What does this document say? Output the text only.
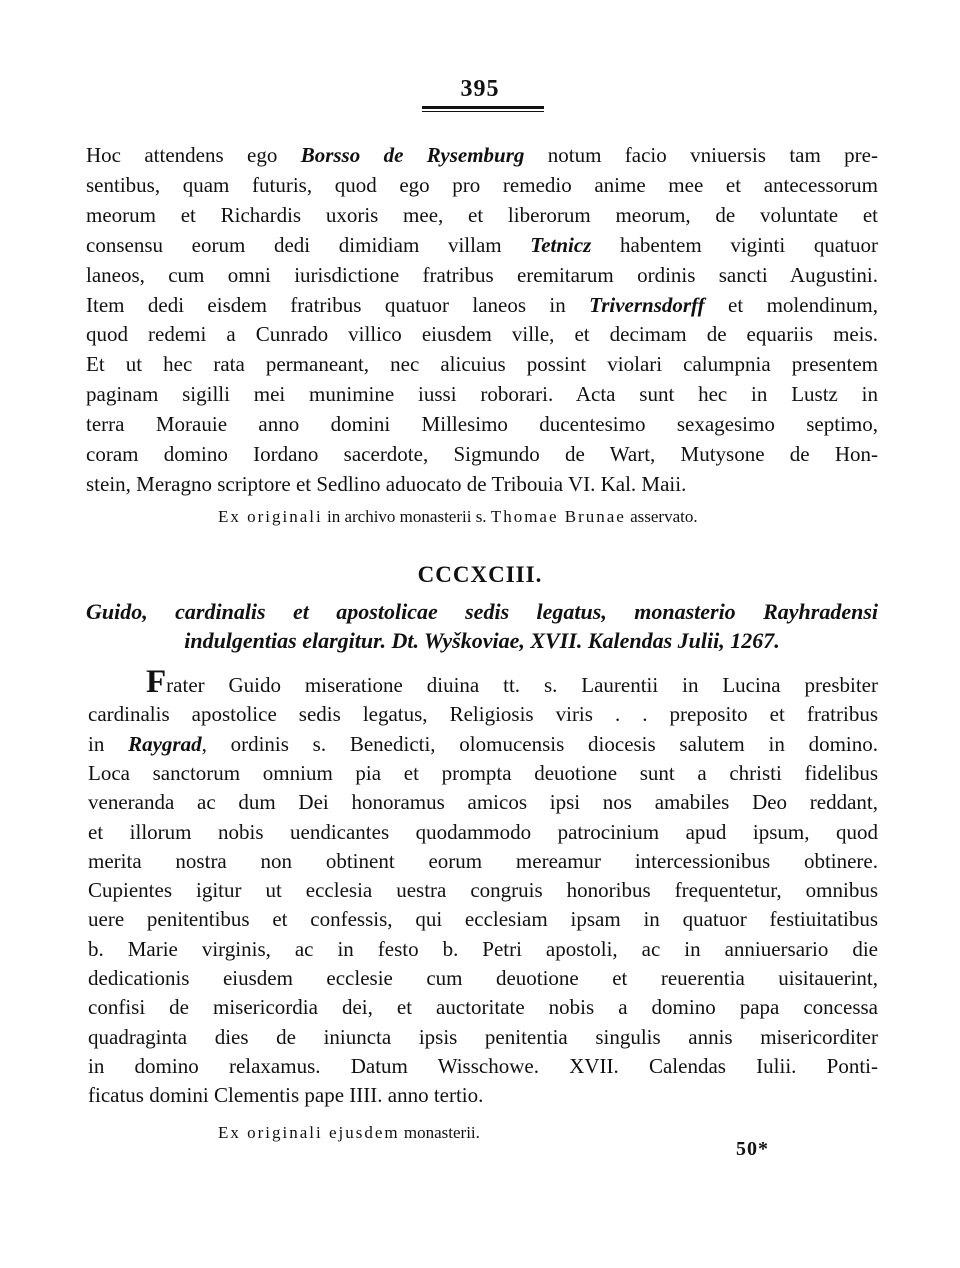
395
Hoc attendens ego Borsso de Rysemburg notum facio vniuersis tam pre-
sentibus, quam futuris, quod ego pro remedio anime mee et antecessorum
meorum et Richardis uxoris mee, et liberorum meorum, de voluntate et
consensu eorum dedi dimidiam villam Tetnicz habentem viginti quatuor
laneos, cum omni iurisdictione fratribus eremitarum ordinis sancti Augustini.
Item dedi eisdem fratribus quatuor laneos in Trivernsdorff et molendinum,
quod redemi a Cunrado villico eiusdem ville, et decimam de equariis meis.
Et ut hec rata permaneant, nec alicuius possint violari calumpnia presentem
paginam sigilli mei munimine iussi roborari. Acta sunt hec in Lustz in
terra Morauie anno domini Millesimo ducentesimo sexagesimo septimo,
coram domino Iordano sacerdote, Sigmundo de Wart, Mutysone de Hon-
stein, Meragno scriptore et Sedlino aduocato de Tribouia VI. Kal. Maii.
Ex originali in archivo monasterii s. Thomae Brunae asservato.
CCCXCIII.
Guido, cardinalis et apostolicae sedis legatus, monasterio Rayhradensi
indulgentias elargitur. Dt. Wyškoviae, XVII. Kalendas Julii, 1267.
Frater Guido miseratione diuina tt. s. Laurentii in Lucina presbiter
cardinalis apostolice sedis legatus, Religiosis viris . . preposito et fratribus
in Raygrad, ordinis s. Benedicti, olomucensis diocesis salutem in domino.
Loca sanctorum omnium pia et prompta deuotione sunt a christi fidelibus
veneranda ac dum Dei honoramus amicos ipsi nos amabiles Deo reddant,
et illorum nobis uendicantes quodammodo patrocinium apud ipsum, quod
merita nostra non obtinent eorum mereamur intercessionibus obtinere.
Cupientes igitur ut ecclesia uestra congruis honoribus frequentetur, omnibus
uere penitentibus et confessis, qui ecclesiam ipsam in quatuor festiuitatibus
b. Marie virginis, ac in festo b. Petri apostoli, ac in anniuersario die
dedicationis eiusdem ecclesie cum deuotione et reuerentia uisitauerint,
confisi de misericordia dei, et auctoritate nobis a domino papa concessa
quadraginta dies de iniuncta ipsis penitentia singulis annis misericorditer
in domino relaxamus. Datum Wisschowe. XVII. Calendas Iulii. Ponti-
ficatus domini Clementis pape IIII. anno tertio.
Ex originali ejusdem monasterii.
50*
